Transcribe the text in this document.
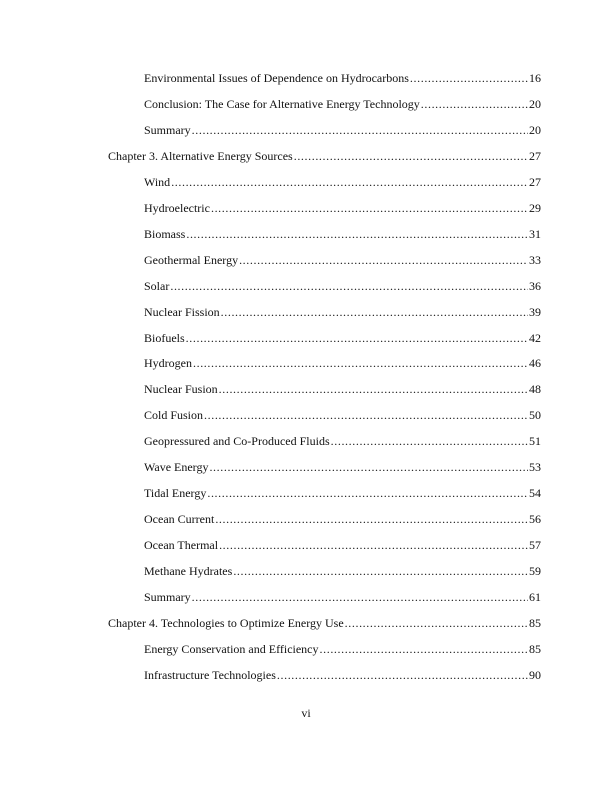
Environmental Issues of Dependence on Hydrocarbons .....	16
Conclusion: The Case for Alternative Energy Technology .....	20
Summary .....	20
Chapter 3. Alternative Energy Sources .....	27
Wind .....	27
Hydroelectric .....	29
Biomass .....	31
Geothermal Energy .....	33
Solar .....	36
Nuclear Fission .....	39
Biofuels .....	42
Hydrogen .....	46
Nuclear Fusion .....	48
Cold Fusion .....	50
Geopressured and Co-Produced Fluids .....	51
Wave Energy .....	53
Tidal Energy .....	54
Ocean Current .....	56
Ocean Thermal .....	57
Methane Hydrates .....	59
Summary .....	61
Chapter 4. Technologies to Optimize Energy Use .....	85
Energy Conservation and Efficiency .....	85
Infrastructure Technologies .....	90
vi
